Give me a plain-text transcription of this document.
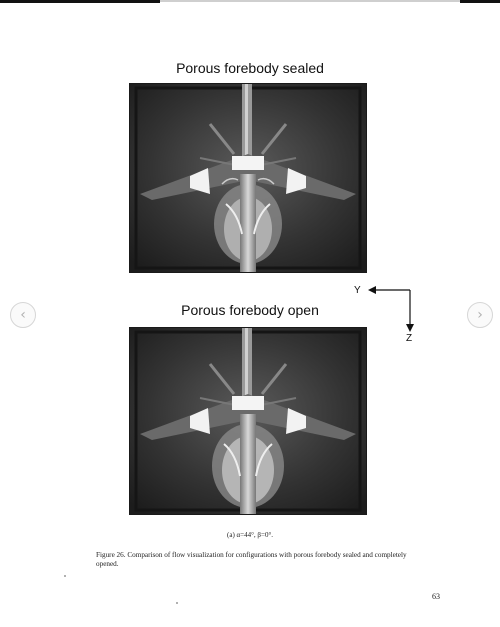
Porous forebody sealed
Porous forebody open
‹	›
Y
Z
(a) α=44°, β=0°.
Figure 26. Comparison of flow visualization for configurations with porous forebody sealed and completely opened.
63
